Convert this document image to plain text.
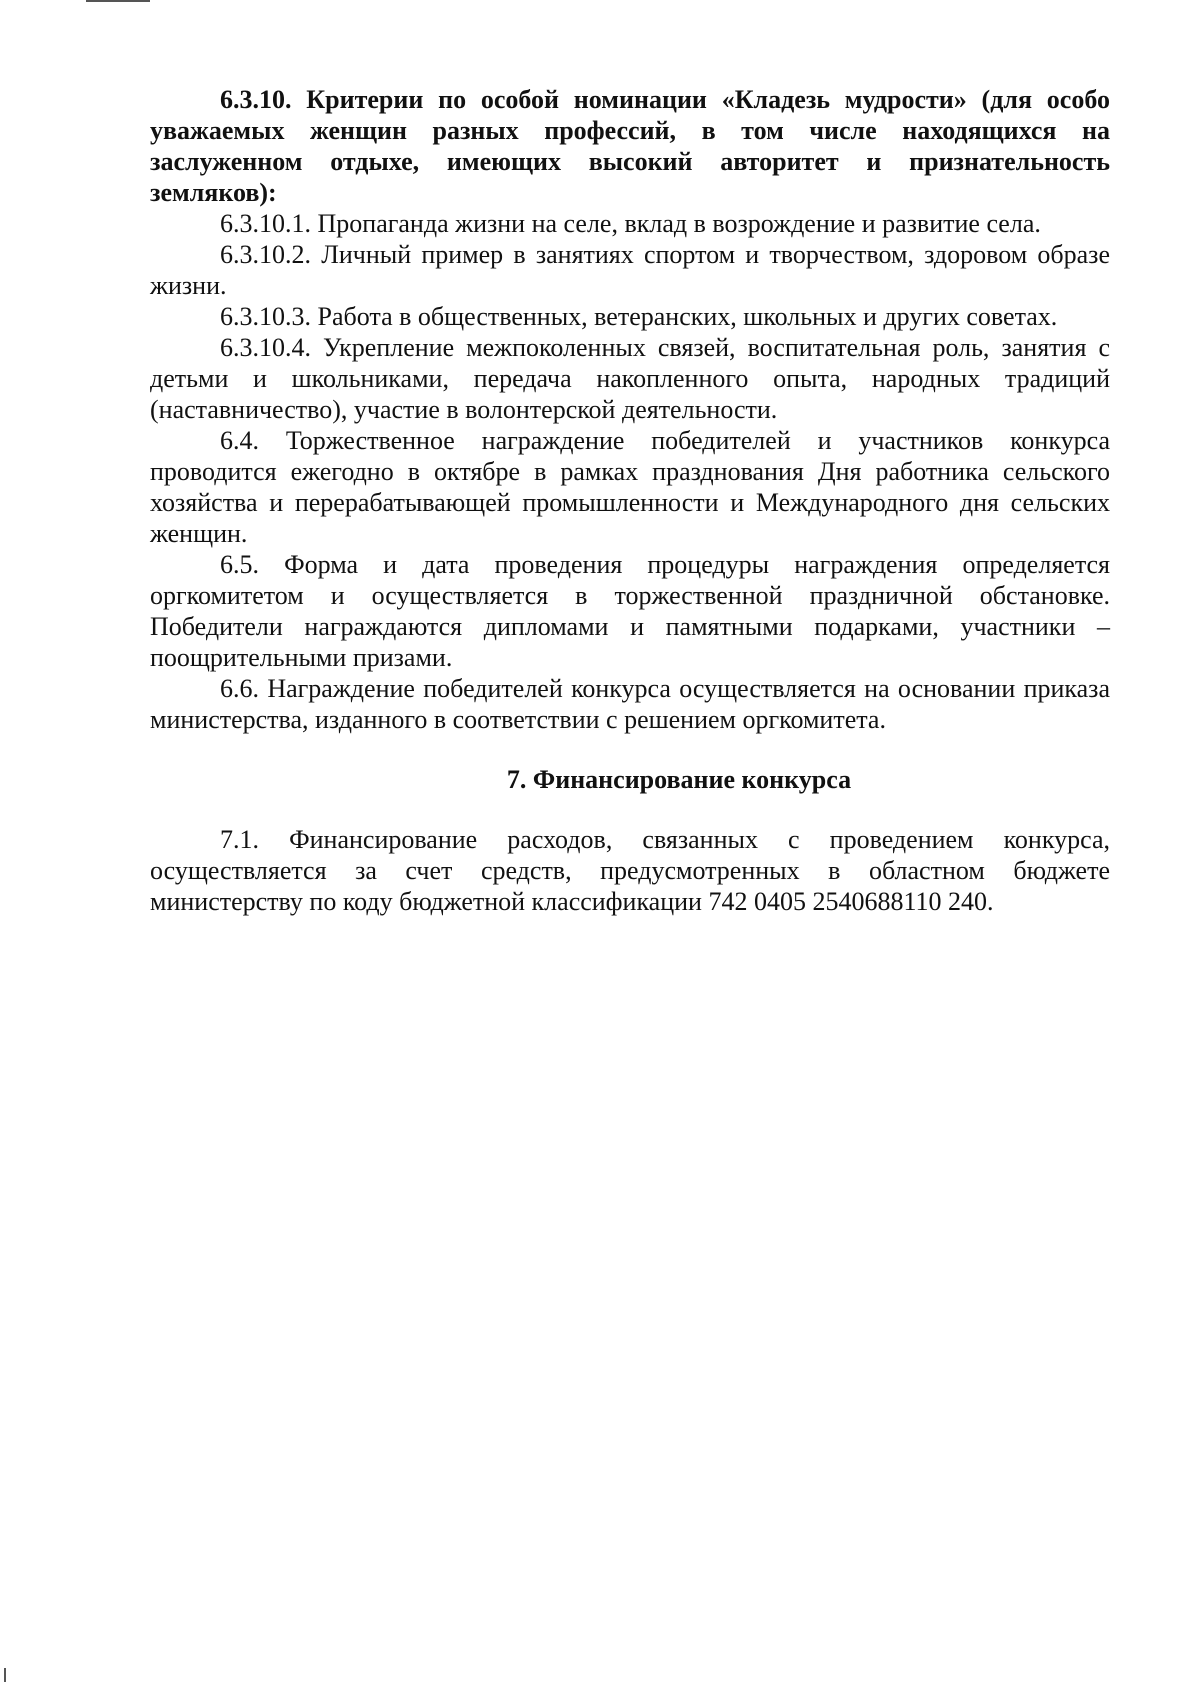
6.3.10. Критерии по особой номинации «Кладезь мудрости» (для особо уважаемых женщин разных профессий, в том числе находящихся на заслуженном отдыхе, имеющих высокий авторитет и признательность земляков):

6.3.10.1. Пропаганда жизни на селе, вклад в возрождение и развитие села.

6.3.10.2. Личный пример в занятиях спортом и творчеством, здоровом образе жизни.

6.3.10.3. Работа в общественных, ветеранских, школьных и других советах.

6.3.10.4. Укрепление межпоколенных связей, воспитательная роль, занятия с детьми и школьниками, передача накопленного опыта, народных традиций (наставничество), участие в волонтерской деятельности.

6.4. Торжественное награждение победителей и участников конкурса проводится ежегодно в октябре в рамках празднования Дня работника сельского хозяйства и перерабатывающей промышленности и Международного дня сельских женщин.

6.5. Форма и дата проведения процедуры награждения определяется оргкомитетом и осуществляется в торжественной праздничной обстановке. Победители награждаются дипломами и памятными подарками, участники – поощрительными призами.

6.6. Награждение победителей конкурса осуществляется на основании приказа министерства, изданного в соответствии с решением оргкомитета.

7. Финансирование конкурса

7.1. Финансирование расходов, связанных с проведением конкурса, осуществляется за счет средств, предусмотренных в областном бюджете министерству по коду бюджетной классификации 742 0405 2540688110 240.
